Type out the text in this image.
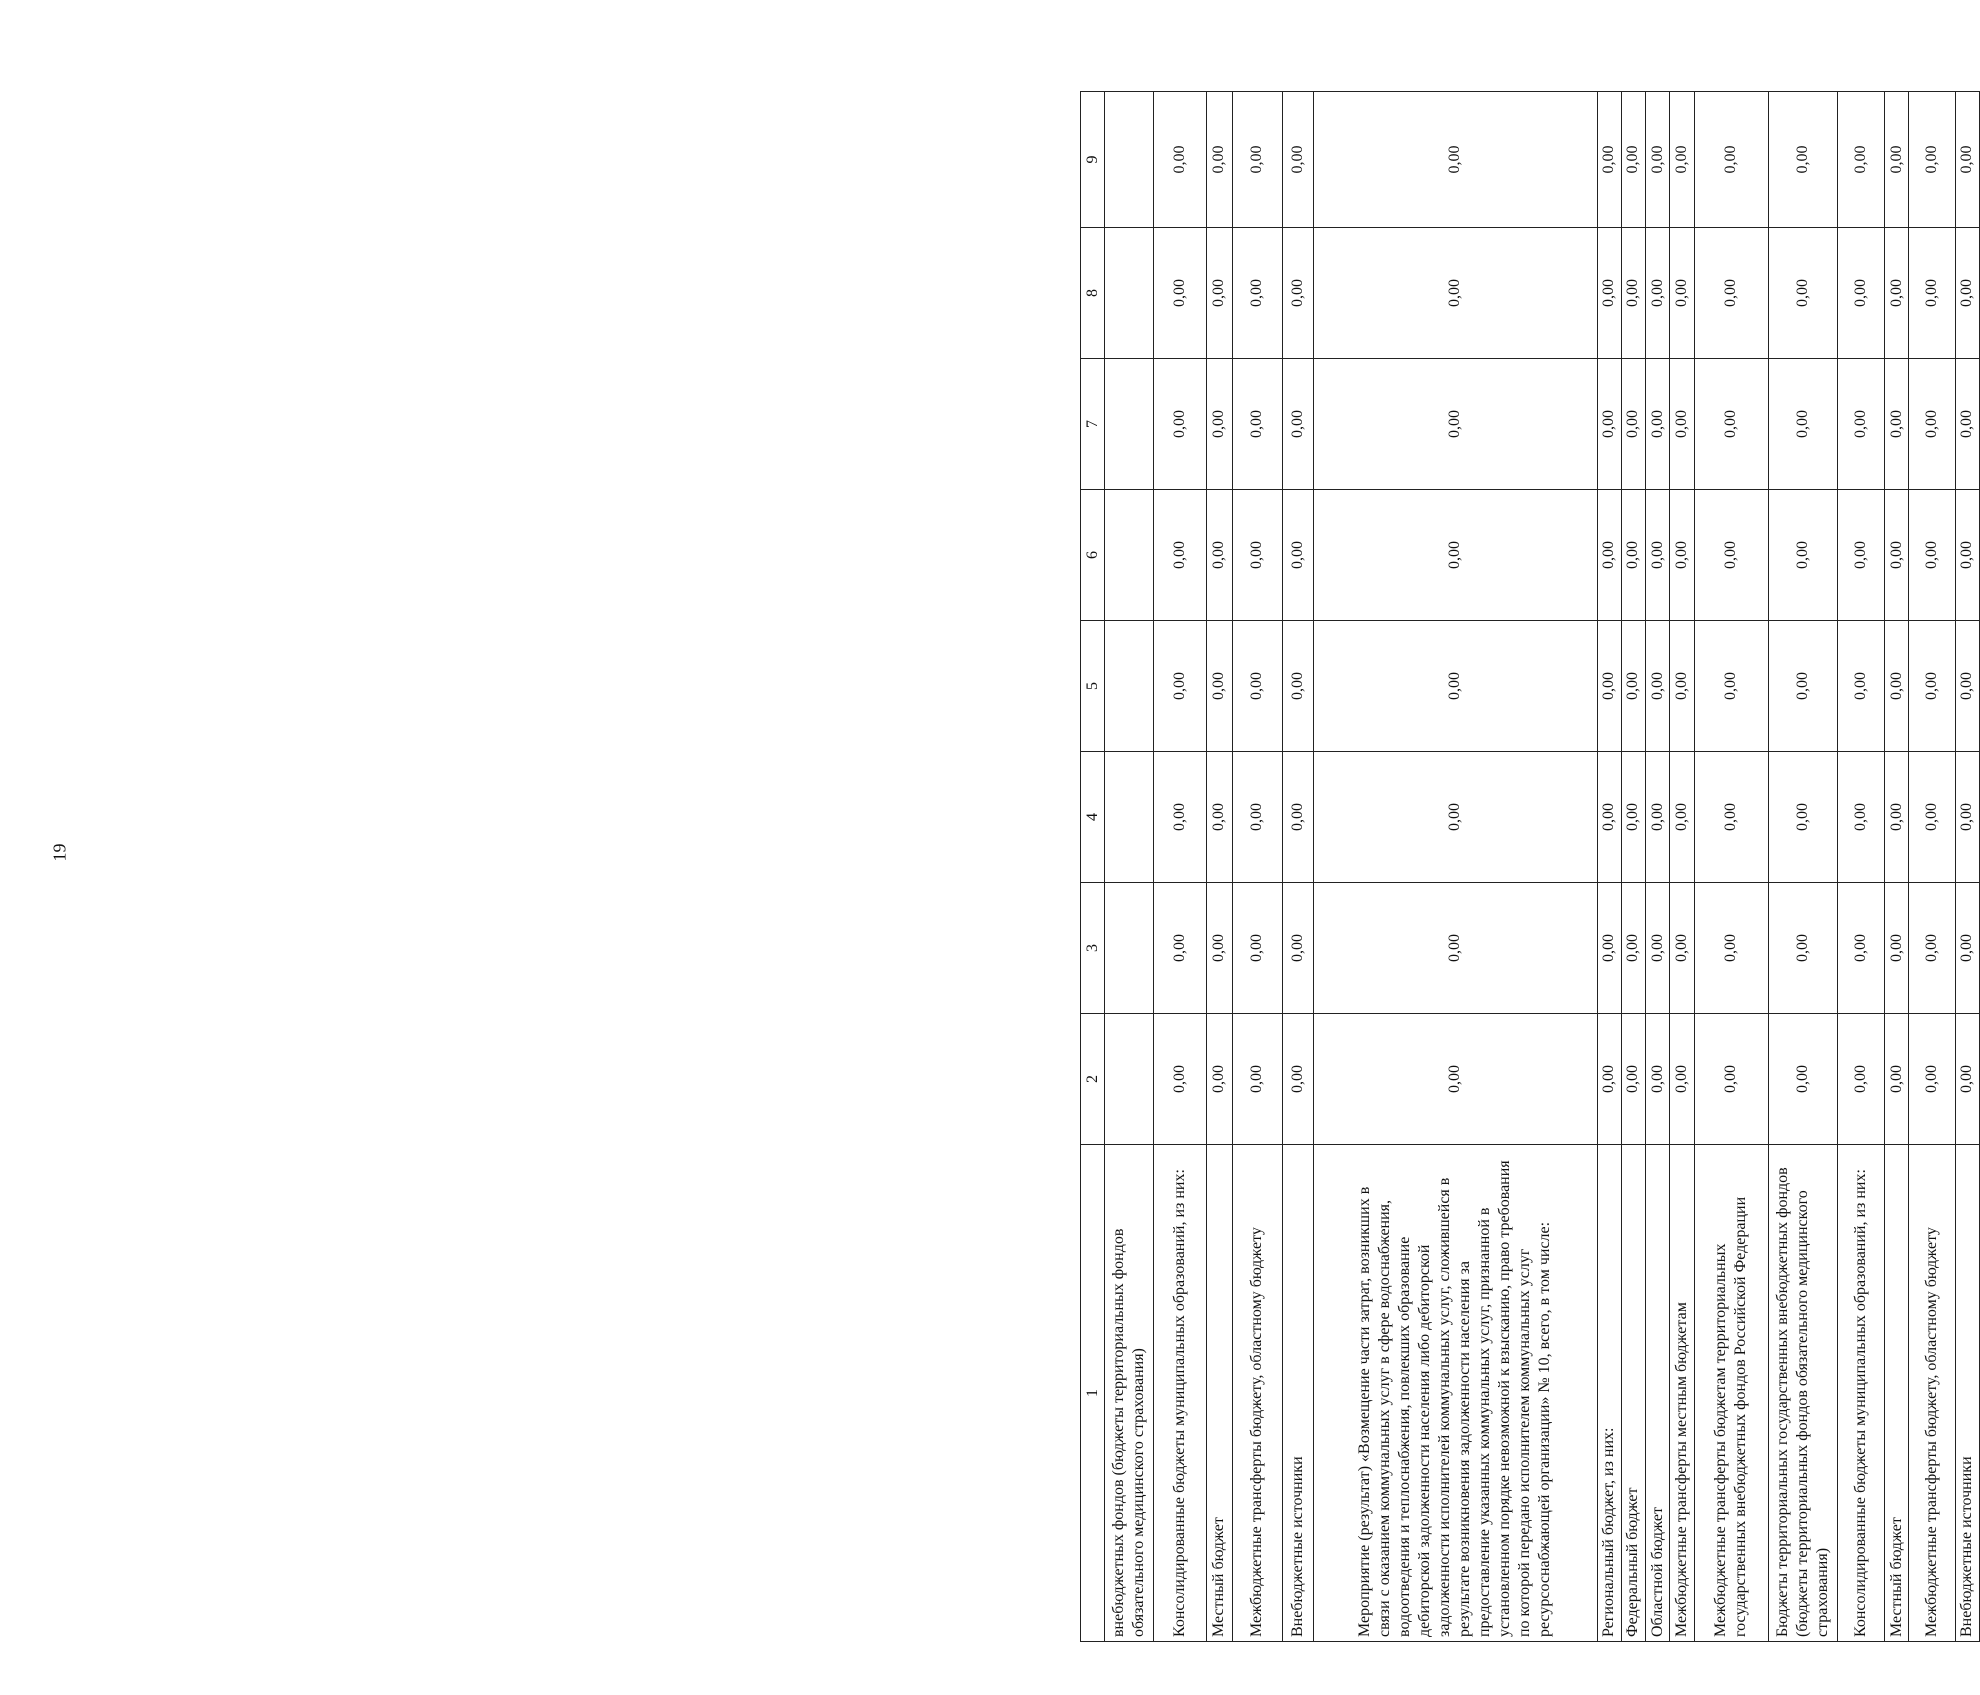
19
1	2	3	4	5	6	7	8	9
внебюджетных фондов (бюджеты территориальных фондов обязательного медицинского страхования)								
Консолидированные бюджеты муниципальных образований, из них:	0,00	0,00	0,00	0,00	0,00	0,00	0,00	0,00
Местный бюджет	0,00	0,00	0,00	0,00	0,00	0,00	0,00	0,00
Межбюджетные трансферты бюджету, областному бюджету	0,00	0,00	0,00	0,00	0,00	0,00	0,00	0,00
Внебюджетные источники	0,00	0,00	0,00	0,00	0,00	0,00	0,00	0,00
Мероприятие (результат) «Возмещение части затрат, возникших в связи с оказанием коммунальных услуг в сфере водоснабжения, водоотведения и теплоснабжения, повлекших образование дебиторской задолженности населения либо дебиторской задолженности исполнителей коммунальных услуг, сложившейся в результате возникновения задолженности населения за предоставление указанных коммунальных услуг, признанной в установленном порядке невозможной к взысканию, право требования по которой передано исполнителем коммунальных услуг ресурсоснабжающей организации» № 10, всего, в том числе:	0,00	0,00	0,00	0,00	0,00	0,00	0,00	0,00
Региональный бюджет, из них:	0,00	0,00	0,00	0,00	0,00	0,00	0,00	0,00
Федеральный бюджет	0,00	0,00	0,00	0,00	0,00	0,00	0,00	0,00
Областной бюджет	0,00	0,00	0,00	0,00	0,00	0,00	0,00	0,00
Межбюджетные трансферты местным бюджетам	0,00	0,00	0,00	0,00	0,00	0,00	0,00	0,00
Межбюджетные трансферты бюджетам территориальных государственных внебюджетных фондов Российской Федерации	0,00	0,00	0,00	0,00	0,00	0,00	0,00	0,00
Бюджеты территориальных государственных внебюджетных фондов (бюджеты территориальных фондов обязательного медицинского страхования)	0,00	0,00	0,00	0,00	0,00	0,00	0,00	0,00
Консолидированные бюджеты муниципальных образований, из них:	0,00	0,00	0,00	0,00	0,00	0,00	0,00	0,00
Местный бюджет	0,00	0,00	0,00	0,00	0,00	0,00	0,00	0,00
Межбюджетные трансферты бюджету, областному бюджету	0,00	0,00	0,00	0,00	0,00	0,00	0,00	0,00
Внебюджетные источники	0,00	0,00	0,00	0,00	0,00	0,00	0,00	0,00
